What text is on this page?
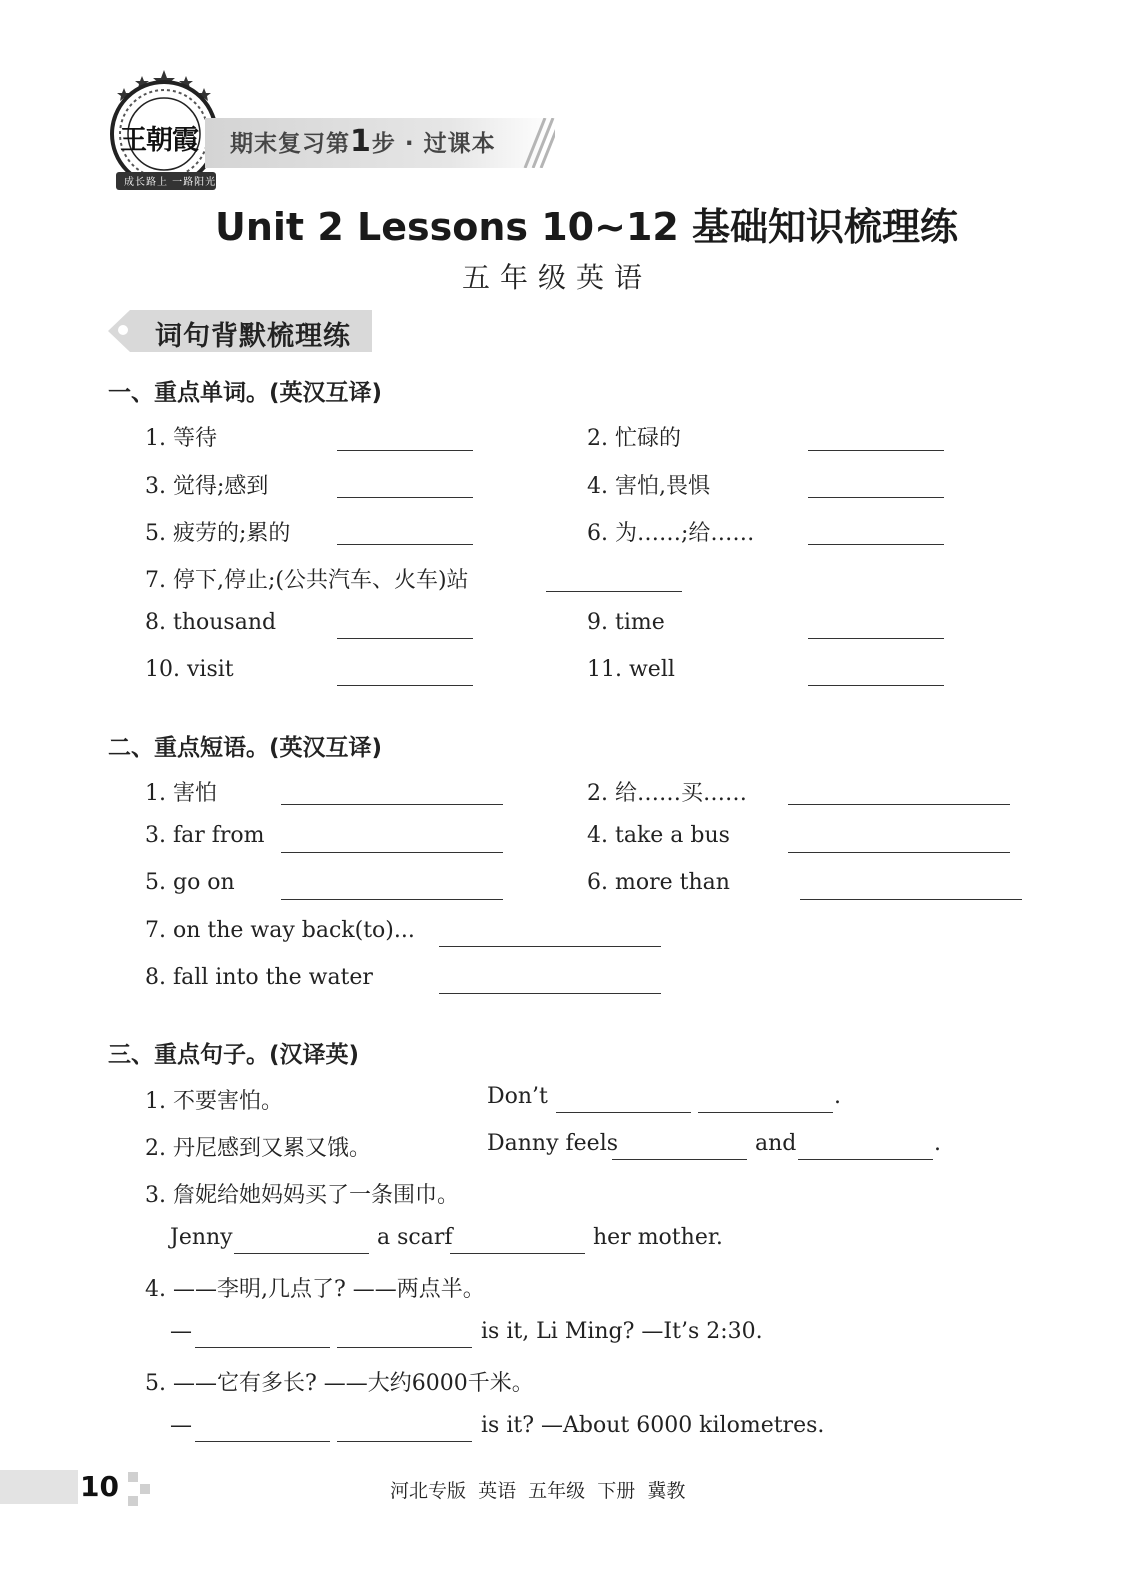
王朝霞
成长路上 一路阳光
期末复习第1步 · 过课本
Unit 2 Lessons 10~12 基础知识梳理练
五年级英语
词句背默梳理练
一、重点单词。(英汉互译)
1. 等待	2. 忙碌的
3. 觉得;感到	4. 害怕,畏惧
5. 疲劳的;累的	6. 为……;给……
7. 停下,停止;(公共汽车、火车)站
8. thousand	9. time
10. visit	11. well
二、重点短语。(英汉互译)
1. 害怕	2. 给……买……
3. far from	4. take a bus
5. go on	6. more than
7. on the way back(to)...
8. fall into the water
三、重点句子。(汉译英)
1. 不要害怕。	Don’t	.
2. 丹尼感到又累又饿。	Danny feels	and	.
3. 詹妮给她妈妈买了一条围巾。
Jenny	a scarf	her mother.
4. ——李明,几点了? ——两点半。
—	is it, Li Ming? —It’s 2:30.
5. ——它有多长? ——大约6000千米。
—	is it? —About 6000 kilometres.
10	河北专版  英语  五年级  下册  冀教
